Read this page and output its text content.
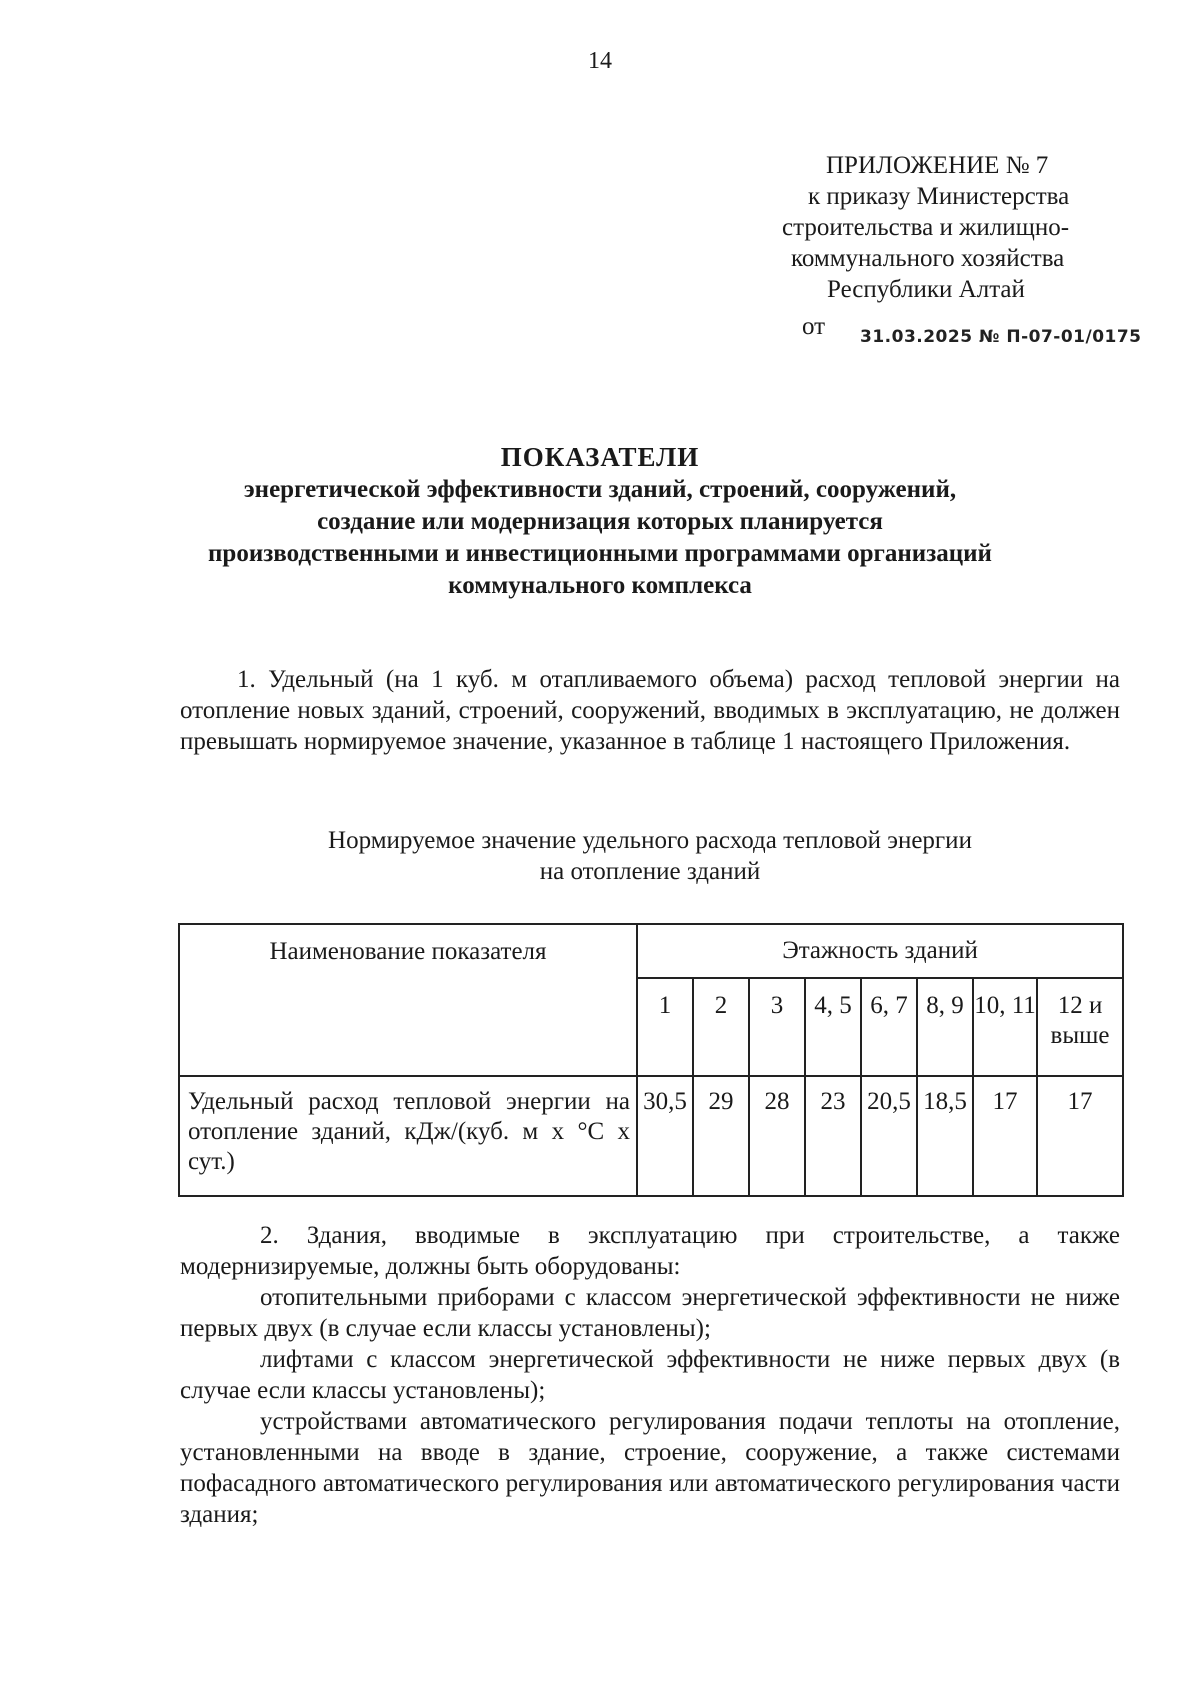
14
ПРИЛОЖЕНИЕ № 7
к приказу Министерства
строительства и жилищно-
коммунального хозяйства
Республики Алтай
от 31.03.2025 № П-07-01/0175
ПОКАЗАТЕЛИ
энергетической эффективности зданий, строений, сооружений,
создание или модернизация которых планируется
производственными и инвестиционными программами организаций
коммунального комплекса
1. Удельный (на 1 куб. м отапливаемого объема) расход тепловой энергии на отопление новых зданий, строений, сооружений, вводимых в эксплуатацию, не должен превышать нормируемое значение, указанное в таблице 1 настоящего Приложения.
Нормируемое значение удельного расхода тепловой энергии
на отопление зданий
Наименование показателя	Этажность зданий							
	1	2	3	4, 5	6, 7	8, 9	10, 11	12 и выше
Удельный расход тепловой энергии на отопление зданий, кДж/(куб. м х °С х сут.)	30,5	29	28	23	20,5	18,5	17	17
2. Здания, вводимые в эксплуатацию при строительстве, а также модернизируемые, должны быть оборудованы:
отопительными приборами с классом энергетической эффективности не ниже первых двух (в случае если классы установлены);
лифтами с классом энергетической эффективности не ниже первых двух (в случае если классы установлены);
устройствами автоматического регулирования подачи теплоты на отопление, установленными на вводе в здание, строение, сооружение, а также системами пофасадного автоматического регулирования или автоматического регулирования части здания;
